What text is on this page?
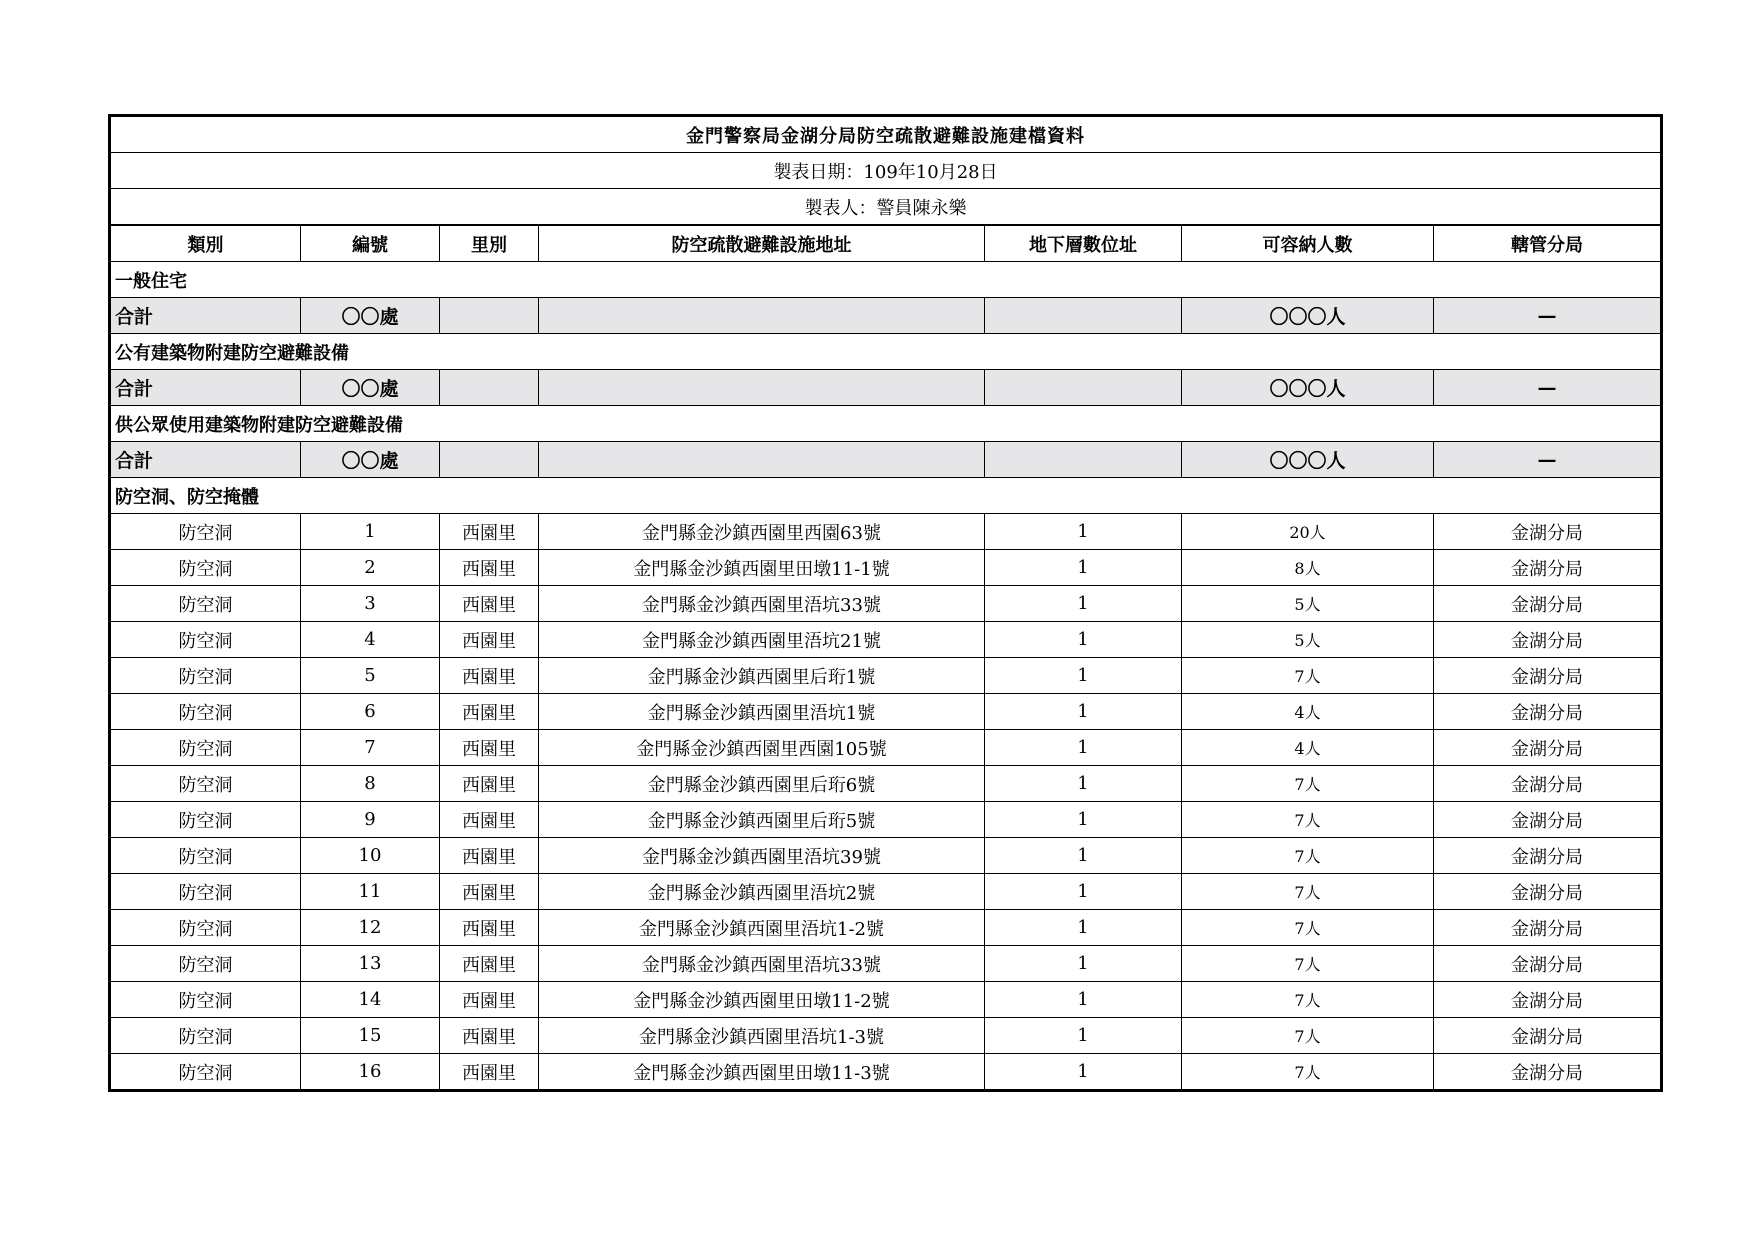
金門警察局金湖分局防空疏散避難設施建檔資料						
製表日期：109年10月28日						
製表人：警員陳永樂						
類別	編號	里別	防空疏散避難設施地址	地下層數位址	可容納人數	轄管分局
一般住宅						
合計	〇〇處				〇〇〇人	—
公有建築物附建防空避難設備						
合計	〇〇處				〇〇〇人	—
供公眾使用建築物附建防空避難設備						
合計	〇〇處				〇〇〇人	—
防空洞、防空掩體						
防空洞	1	西園里	金門縣金沙鎮西園里西園63號	1	20人	金湖分局
防空洞	2	西園里	金門縣金沙鎮西園里田墩11-1號	1	8人	金湖分局
防空洞	3	西園里	金門縣金沙鎮西園里浯坑33號	1	5人	金湖分局
防空洞	4	西園里	金門縣金沙鎮西園里浯坑21號	1	5人	金湖分局
防空洞	5	西園里	金門縣金沙鎮西園里后珩1號	1	7人	金湖分局
防空洞	6	西園里	金門縣金沙鎮西園里浯坑1號	1	4人	金湖分局
防空洞	7	西園里	金門縣金沙鎮西園里西園105號	1	4人	金湖分局
防空洞	8	西園里	金門縣金沙鎮西園里后珩6號	1	7人	金湖分局
防空洞	9	西園里	金門縣金沙鎮西園里后珩5號	1	7人	金湖分局
防空洞	10	西園里	金門縣金沙鎮西園里浯坑39號	1	7人	金湖分局
防空洞	11	西園里	金門縣金沙鎮西園里浯坑2號	1	7人	金湖分局
防空洞	12	西園里	金門縣金沙鎮西園里浯坑1-2號	1	7人	金湖分局
防空洞	13	西園里	金門縣金沙鎮西園里浯坑33號	1	7人	金湖分局
防空洞	14	西園里	金門縣金沙鎮西園里田墩11-2號	1	7人	金湖分局
防空洞	15	西園里	金門縣金沙鎮西園里浯坑1-3號	1	7人	金湖分局
防空洞	16	西園里	金門縣金沙鎮西園里田墩11-3號	1	7人	金湖分局
